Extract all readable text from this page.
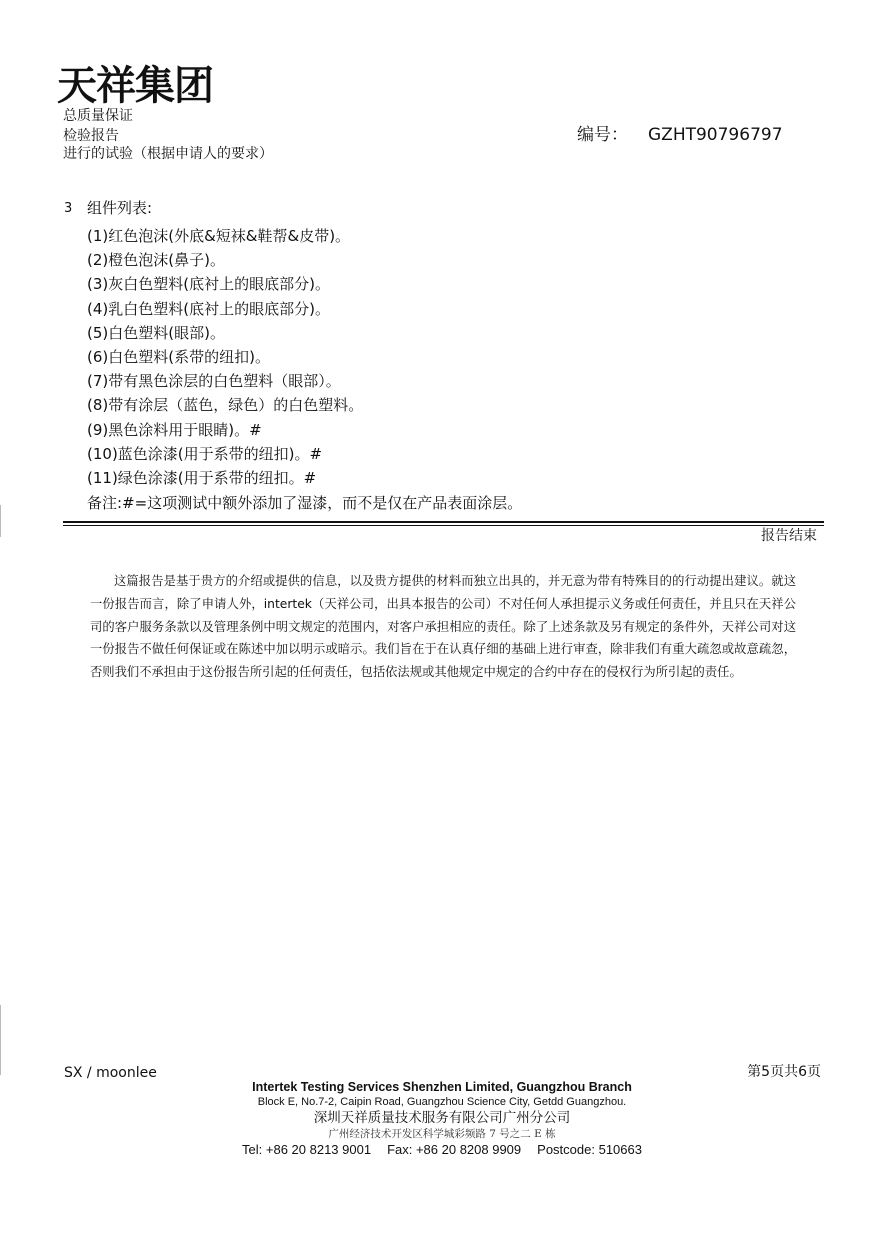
天祥集团
总质量保证
检验报告
进行的试验（根据申请人的要求）
编号： GZHT90796797
3 组件列表:
(1)红色泡沫(外底&短袜&鞋帮&皮带)。
(2)橙色泡沫(鼻子)。
(3)灰白色塑料(底衬上的眼底部分)。
(4)乳白色塑料(底衬上的眼底部分)。
(5)白色塑料(眼部)。
(6)白色塑料(系带的纽扣)。
(7)带有黑色涂层的白色塑料（眼部）。
(8)带有涂层（蓝色，绿色）的白色塑料。
(9)黑色涂料用于眼睛)。#
(10)蓝色涂漆(用于系带的纽扣)。#
(11)绿色涂漆(用于系带的纽扣。#
备注:#=这项测试中额外添加了湿漆，而不是仅在产品表面涂层。
报告结束
这篇报告是基于贵方的介绍或提供的信息，以及贵方提供的材料而独立出具的，并无意为带有特殊目的的行动提出建议。就这一份报告而言，除了申请人外，intertek（天祥公司，出具本报告的公司）不对任何人承担提示义务或任何责任，并且只在天祥公司的客户服务条款以及管理条例中明文规定的范围内，对客户承担相应的责任。除了上述条款及另有规定的条件外，天祥公司对这一份报告不做任何保证或在陈述中加以明示或暗示。我们旨在于在认真仔细的基础上进行审查，除非我们有重大疏忽或故意疏忽，否则我们不承担由于这份报告所引起的任何责任，包括依法规或其他规定中规定的合约中存在的侵权行为所引起的责任。
SX / moonlee	第5页共6页
Intertek Testing Services Shenzhen Limited, Guangzhou Branch
Block E, No.7-2, Caipin Road, Guangzhou Science City, Getdd Guangzhou.
深圳天祥质量技术服务有限公司广州分公司
广州经济技术开发区科学城彩频路 7 号之二 E 栋
Tel: +86 20 8213 9001 Fax: +86 20 8208 9909 Postcode: 510663
